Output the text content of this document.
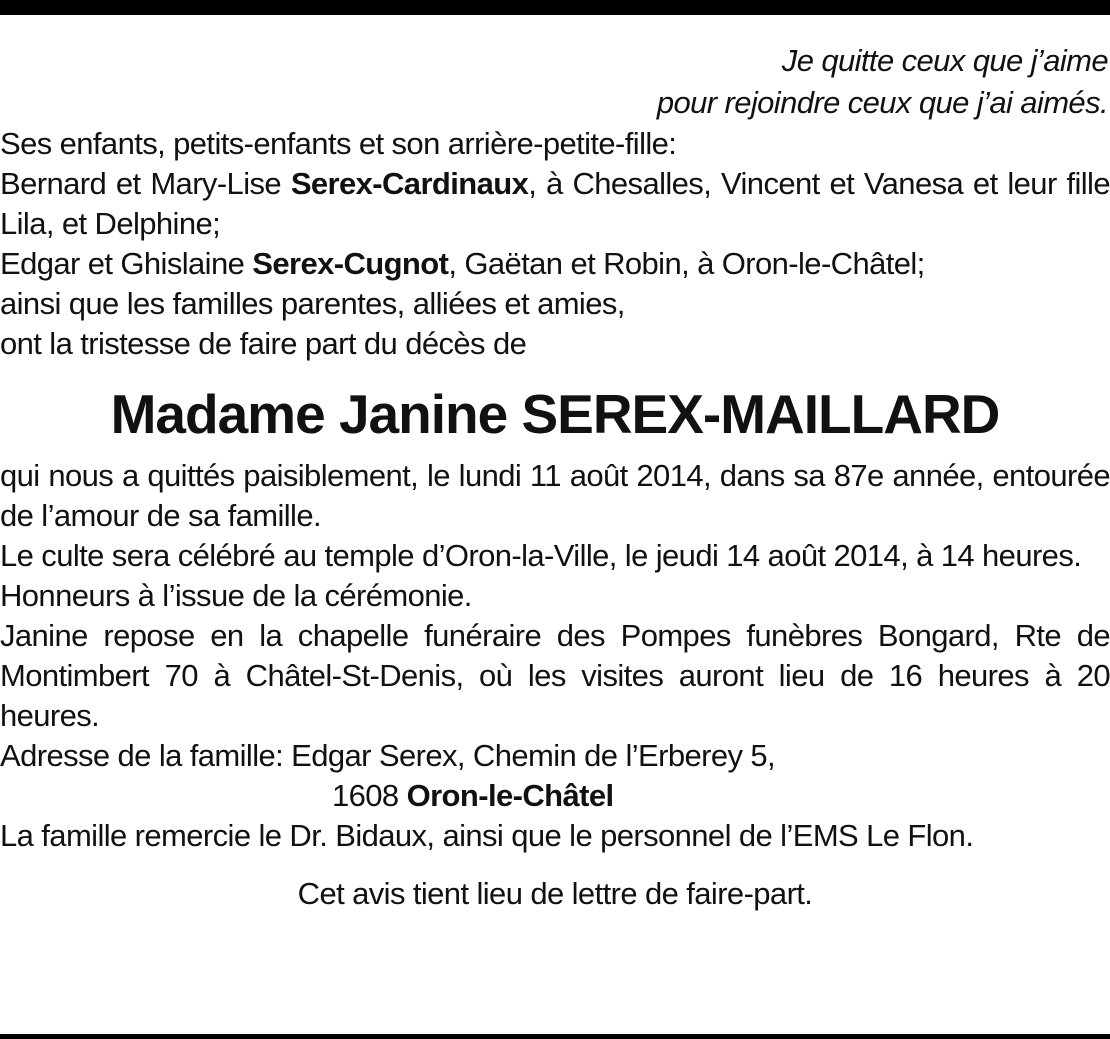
Je quitte ceux que j’aime
pour rejoindre ceux que j’ai aimés.
Ses enfants, petits-enfants et son arrière-petite-fille:
Bernard et Mary-Lise Serex-Cardinaux, à Chesalles, Vincent et Vanesa et leur fille Lila, et Delphine;
Edgar et Ghislaine Serex-Cugnot, Gaëtan et Robin, à Oron-le-Châtel;
ainsi que les familles parentes, alliées et amies,
ont la tristesse de faire part du décès de
Madame Janine SEREX-MAILLARD
qui nous a quittés paisiblement, le lundi 11 août 2014, dans sa 87e année, entourée de l’amour de sa famille.
Le culte sera célébré au temple d’Oron-la-Ville, le jeudi 14 août 2014, à 14 heures.
Honneurs à l’issue de la cérémonie.
Janine repose en la chapelle funéraire des Pompes funèbres Bongard, Rte de Montimbert 70 à Châtel-St-Denis, où les visites auront lieu de 16 heures à 20 heures.
Adresse de la famille: Edgar Serex, Chemin de l’Erberey 5,
1608 Oron-le-Châtel
La famille remercie le Dr. Bidaux, ainsi que le personnel de l’EMS Le Flon.
Cet avis tient lieu de lettre de faire-part.
